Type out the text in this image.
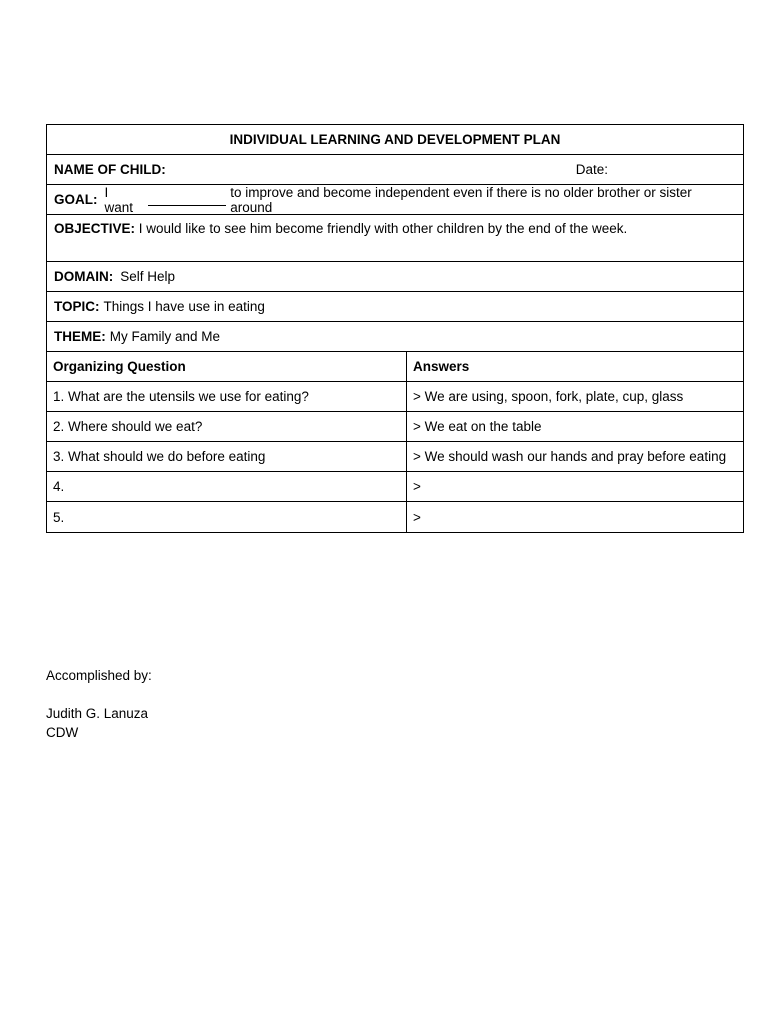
INDIVIDUAL LEARNING AND DEVELOPMENT PLAN
NAME OF CHILD:	Date:
GOAL: I want
to improve and become independent even if there is no older brother or sister around
OBJECTIVE: I would like to see him become friendly with other children by the end of the week.
DOMAIN: Self Help
TOPIC: Things I have use in eating
THEME: My Family and Me
Organizing Question	Answers
1. What are the utensils we use for eating?	> We are using, spoon, fork, plate, cup, glass
2. Where should we eat?	> We eat on the table
3. What should we do before eating	> We should wash our hands and pray before eating
4.	>
5.	>
Accomplished by:
Judith G. Lanuza
CDW
